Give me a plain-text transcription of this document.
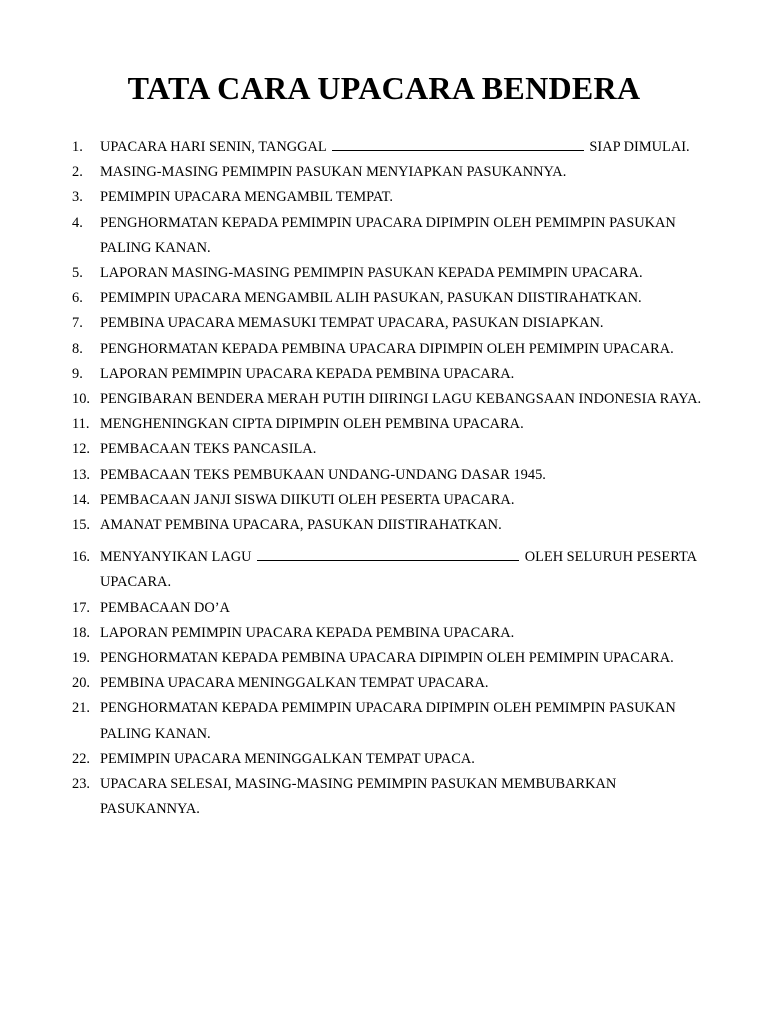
TATA CARA UPACARA BENDERA
1.	UPACARA HARI SENIN, TANGGAL	SIAP DIMULAI.
2.	MASING-MASING PEMIMPIN PASUKAN MENYIAPKAN PASUKANNYA.
3.	PEMIMPIN UPACARA MENGAMBIL TEMPAT.
4.	PENGHORMATAN KEPADA PEMIMPIN UPACARA DIPIMPIN OLEH PEMIMPIN PASUKAN PALING KANAN.
5.	LAPORAN MASING-MASING PEMIMPIN PASUKAN KEPADA PEMIMPIN UPACARA.
6.	PEMIMPIN UPACARA MENGAMBIL ALIH PASUKAN, PASUKAN DIISTIRAHATKAN.
7.	PEMBINA UPACARA MEMASUKI TEMPAT UPACARA, PASUKAN DISIAPKAN.
8.	PENGHORMATAN KEPADA PEMBINA UPACARA DIPIMPIN OLEH PEMIMPIN UPACARA.
9.	LAPORAN PEMIMPIN UPACARA KEPADA PEMBINA UPACARA.
10. PENGIBARAN BENDERA MERAH PUTIH DIIRINGI LAGU KEBANGSAAN INDONESIA RAYA.
11. MENGHENINGKAN CIPTA DIPIMPIN OLEH PEMBINA UPACARA.
12. PEMBACAAN TEKS PANCASILA.
13. PEMBACAAN TEKS PEMBUKAAN UNDANG-UNDANG DASAR 1945.
14. PEMBACAAN JANJI SISWA DIIKUTI OLEH PESERTA UPACARA.
15. AMANAT PEMBINA UPACARA, PASUKAN DIISTIRAHATKAN.
16. MENYANYIKAN LAGU	OLEH SELURUH PESERTA UPACARA.
17. PEMBACAAN DO’A
18. LAPORAN PEMIMPIN UPACARA KEPADA PEMBINA UPACARA.
19. PENGHORMATAN KEPADA PEMBINA UPACARA DIPIMPIN OLEH PEMIMPIN UPACARA.
20. PEMBINA UPACARA MENINGGALKAN TEMPAT UPACARA.
21. PENGHORMATAN KEPADA PEMIMPIN UPACARA DIPIMPIN OLEH PEMIMPIN PASUKAN PALING KANAN.
22. PEMIMPIN UPACARA MENINGGALKAN TEMPAT UPACA.
23. UPACARA SELESAI, MASING-MASING PEMIMPIN PASUKAN MEMBUBARKAN PASUKANNYA.
